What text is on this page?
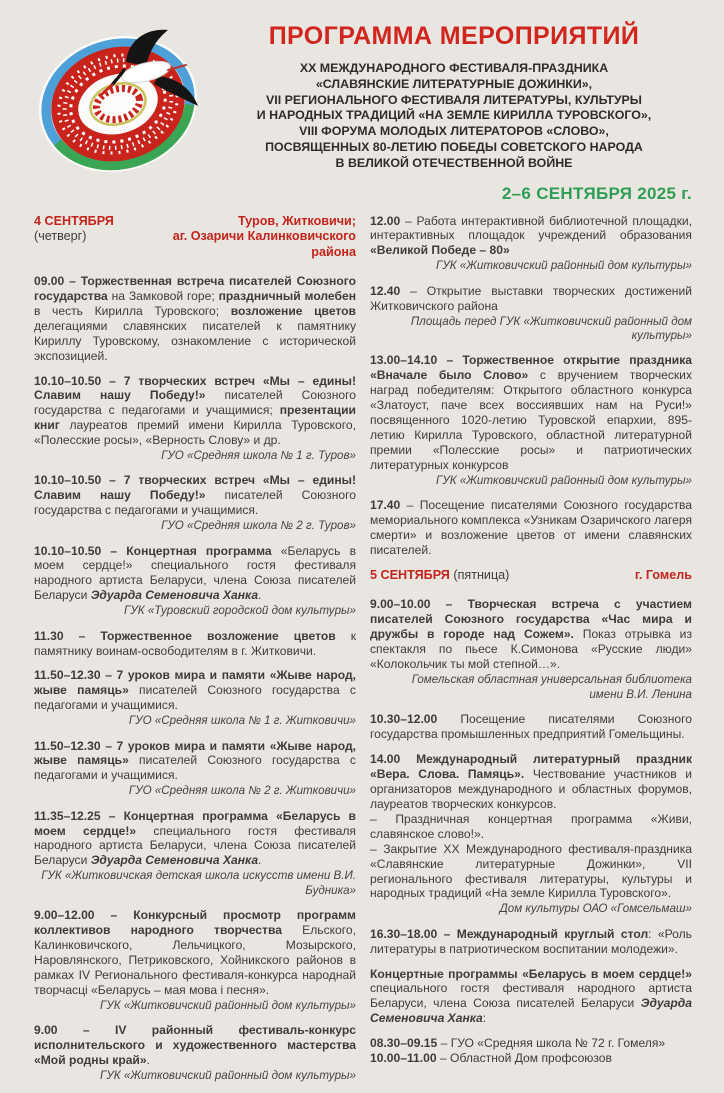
ПРОГРАММА МЕРОПРИЯТИЙ
XX МЕЖДУНАРОДНОГО ФЕСТИВАЛЯ-ПРАЗДНИКА
«СЛАВЯНСКИЕ ЛИТЕРАТУРНЫЕ ДОЖИНКИ»,
VII РЕГИОНАЛЬНОГО ФЕСТИВАЛЯ ЛИТЕРАТУРЫ, КУЛЬТУРЫ
И НАРОДНЫХ ТРАДИЦИЙ «НА ЗЕМЛЕ КИРИЛЛА ТУРОВСКОГО»,
VIII ФОРУМА МОЛОДЫХ ЛИТЕРАТОРОВ «СЛОВО»,
ПОСВЯЩЕННЫХ 80-ЛЕТИЮ ПОБЕДЫ СОВЕТСКОГО НАРОДА
В ВЕЛИКОЙ ОТЕЧЕСТВЕННОЙ ВОЙНЕ
2–6 СЕНТЯБРЯ 2025 г.
4 СЕНТЯБРЯ (четверг)
Туров, Житковичи;
аг. Озаричи Калинковичского района

09.00 – Торжественная встреча писателей Союзного государства на Замковой горе; праздничный молебен в честь Кирилла Туровского; возложение цветов делегациями славянских писателей к памятнику Кириллу Туровскому, ознакомление с исторической экспозицией.

10.10–10.50 – 7 творческих встреч «Мы – едины! Славим нашу Победу!» писателей Союзного государства с педагогами и учащимися; презентации книг лауреатов премий имени Кирилла Туровского, «Полесские росы», «Верность Слову» и др.

ГУО «Средняя школа № 1 г. Туров»

10.10–10.50 – 7 творческих встреч «Мы – едины! Славим нашу Победу!» писателей Союзного государства с педагогами и учащимися.

ГУО «Средняя школа № 2 г. Туров»

10.10–10.50 – Концертная программа «Беларусь в моем сердце!» специального гостя фестиваля народного артиста Беларуси, члена Союза писателей Беларуси Эдуарда Семеновича Ханка.

ГУК «Туровский городской дом культуры»

11.30 – Торжественное возложение цветов к памятнику воинам-освободителям в г. Житковичи.

11.50–12.30 – 7 уроков мира и памяти «Жыве народ, жыве памяць» писателей Союзного государства с педагогами и учащимися.

ГУО «Средняя школа № 1 г. Житковичи»

11.50–12.30 – 7 уроков мира и памяти «Жыве народ, жыве памяць» писателей Союзного государства с педагогами и учащимися.

ГУО «Средняя школа № 2 г. Житковичи»

11.35–12.25 – Концертная программа «Беларусь в моем сердце!» специального гостя фестиваля народного артиста Беларуси, члена Союза писателей Беларуси Эдуарда Семеновича Ханка.

ГУК «Житковичская детская школа искусств имени В.И. Будника»

9.00–12.00 – Конкурсный просмотр программ коллективов народного творчества Ельского, Калинковичского, Лельчицкого, Мозырского, Наровлянского, Петриковского, Хойникского районов в рамках IV Регионального фестиваля-конкурса народнай творчасці «Беларусь – мая мова і песня».

ГУК «Житковичский районный дом культуры»

9.00 – IV районный фестиваль-конкурс исполнительского и художественного мастерства «Мой родны край».

ГУК «Житковичский районный дом культуры»

12.00 – Работа интерактивной библиотечной площадки, интерактивных площадок учреждений образования «Великой Победе – 80»

ГУК «Житковичский районный дом культуры»

12.40 – Открытие выставки творческих достижений Житковичского района

Площадь перед ГУК «Житковичский районный дом культуры»

13.00–14.10 – Торжественное открытие праздника «Вначале было Слово» с вручением творческих наград победителям: Открытого областного конкурса «Златоуст, паче всех воссиявших нам на Руси!» посвященного 1020-летию Туровской епархии, 895-летию Кирилла Туровского, областной литературной премии «Полесские росы» и патриотических литературных конкурсов

ГУК «Житковичский районный дом культуры»

17.40 – Посещение писателями Союзного государства мемориального комплекса «Узникам Озаричского лагеря смерти» и возложение цветов от имени славянских писателей.

5 СЕНТЯБРЯ (пятница)	г. Гомель

9.00–10.00 – Творческая встреча с участием писателей Союзного государства «Час мира и дружбы в городе над Сожем». Показ отрывка из спектакля по пьесе К.Симонова «Русские люди» «Колокольчик ты мой степной…».

Гомельская областная универсальная библиотека
имени В.И. Ленина

10.30–12.00 Посещение писателями Союзного государства промышленных предприятий Гомельщины.

14.00 Международный литературный праздник «Вера. Слова. Памяць». Чествование участников и организаторов международного и областных форумов, лауреатов творческих конкурсов.

– Праздничная концертная программа «Живи, славянское слово!».

– Закрытие XX Международного фестиваля-праздника «Славянские литературные Дожинки», VII регионального фестиваля литературы, культуры и народных традиций «На земле Кирилла Туровского».

Дом культуры ОАО «Гомсельмаш»

16.30–18.00 – Международный круглый стол: «Роль литературы в патриотическом воспитании молодежи».

Концертные программы «Беларусь в моем сердце!» специального гостя фестиваля народного артиста Беларуси, члена Союза писателей Беларуси Эдуарда Семеновича Ханка:

08.30–09.15 – ГУО «Средняя школа № 72 г. Гомеля»

10.00–11.00 – Областной Дом профсоюзов
